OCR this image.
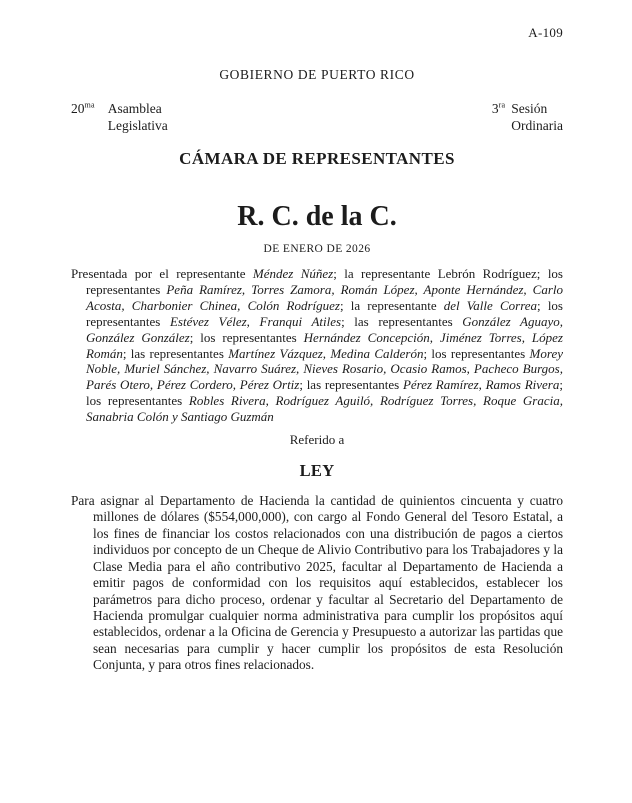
A-109
GOBIERNO DE PUERTO RICO
$20^{ma}$ Asamblea
Legislativa
$3^{ra}$ Sesión
Ordinaria
CÁMARA DE REPRESENTANTES
R. C. de la C.
DE ENERO DE 2026

Presentada por el representante Méndez Núñez; la representante Lebrón Rodríguez; los representantes Peña Ramírez, Torres Zamora, Román López, Aponte Hernández, Carlo Acosta, Charbonier Chinea, Colón Rodríguez; la representante del Valle Correa; los representantes Estévez Vélez, Franqui Atiles; las representantes González Aguayo, González González; los representantes Hernández Concepción, Jiménez Torres, López Román; las representantes Martínez Vázquez, Medina Calderón; los representantes Morey Noble, Muriel Sánchez, Navarro Suárez, Nieves Rosario, Ocasio Ramos, Pacheco Burgos, Parés Otero, Pérez Cordero, Pérez Ortiz; las representantes Pérez Ramírez, Ramos Rivera; los representantes Robles Rivera, Rodríguez Aguiló, Rodríguez Torres, Roque Gracia, Sanabria Colón y Santiago Guzmán

Referido a
LEY

Para asignar al Departamento de Hacienda la cantidad de quinientos cincuenta y cuatro millones de dólares ($554,000,000), con cargo al Fondo General del Tesoro Estatal, a los fines de financiar los costos relacionados con una distribución de pagos a ciertos individuos por concepto de un Cheque de Alivio Contributivo para los Trabajadores y la Clase Media para el año contributivo 2025, facultar al Departamento de Hacienda a emitir pagos de conformidad con los requisitos aquí establecidos, establecer los parámetros para dicho proceso, ordenar y facultar al Secretario del Departamento de Hacienda promulgar cualquier norma administrativa para cumplir los propósitos aquí establecidos, ordenar a la Oficina de Gerencia y Presupuesto a autorizar las partidas que sean necesarias para cumplir y hacer cumplir los propósitos de esta Resolución Conjunta, y para otros fines relacionados.
